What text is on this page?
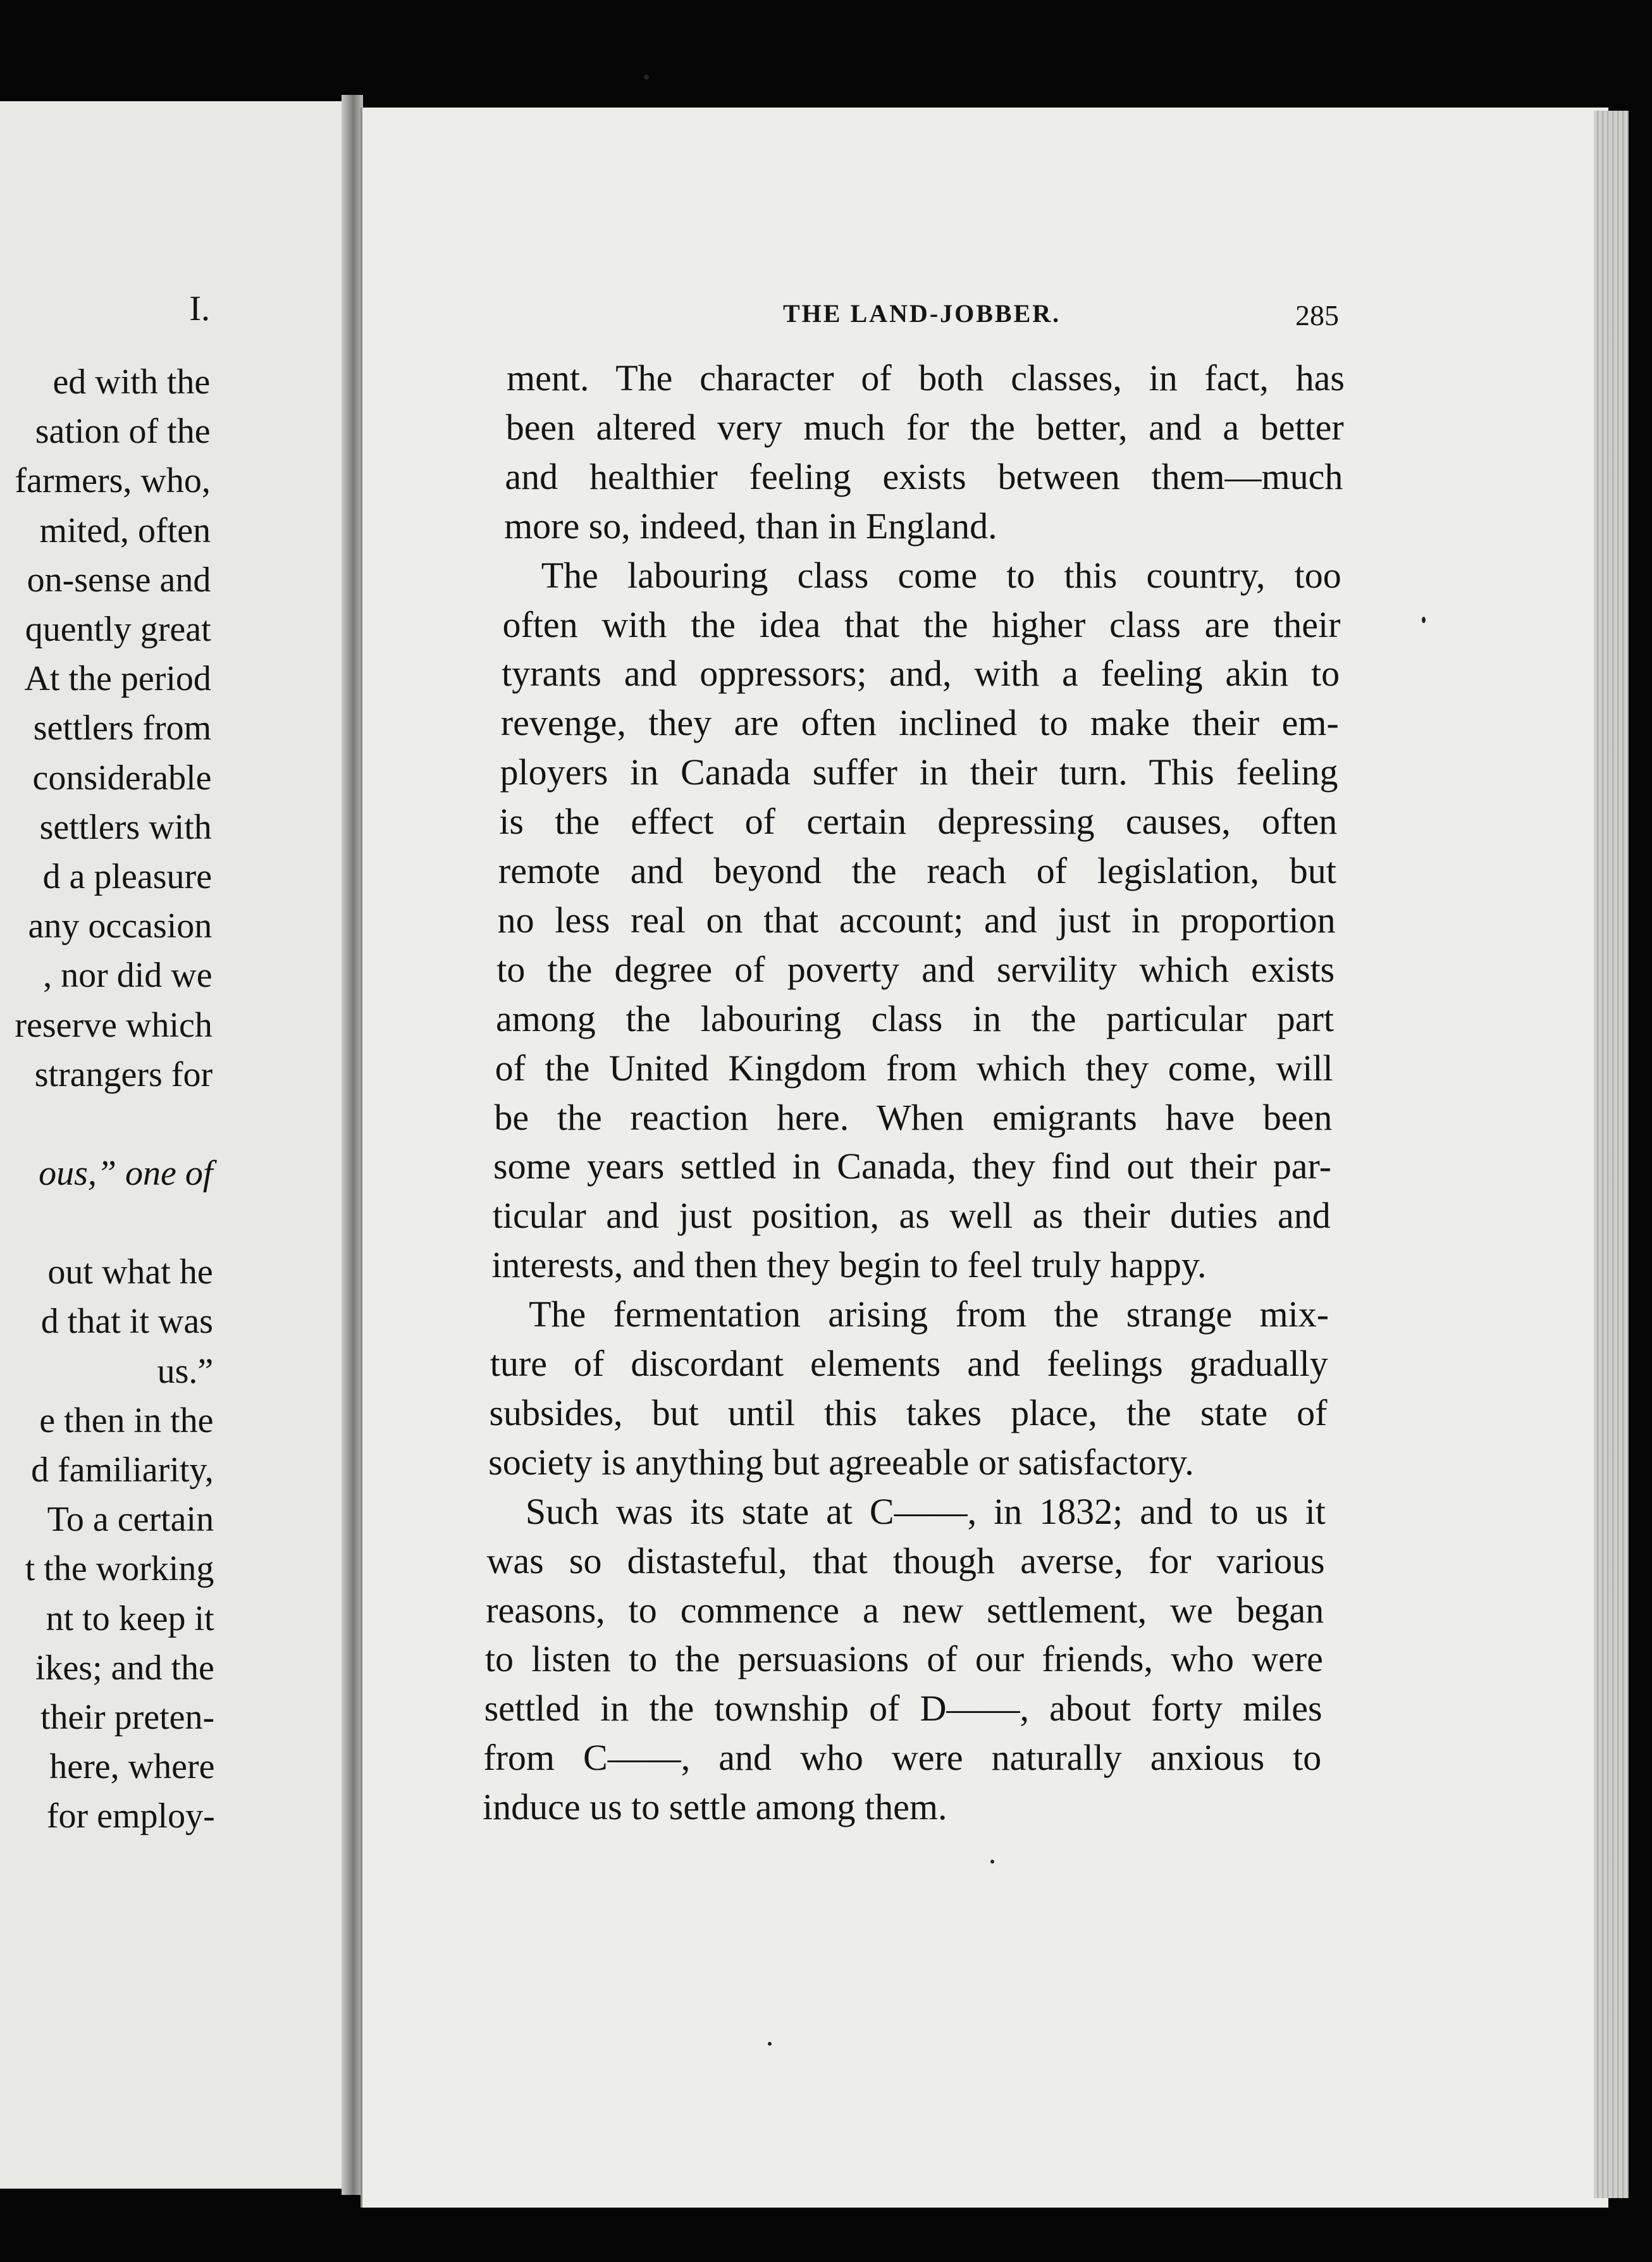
I.
ed with the
sation of the
farmers, who,
mited, often
on-sense and
quently great
At the period
settlers from
considerable
settlers with
d a pleasure
any occasion
, nor did we
reserve which
strangers for
ous,” one of
out what he
d that it was
us.”
e then in the
d familiarity,
To a certain
t the working
nt to keep it
ikes; and the
their preten-
here, where
for employ-
THE LAND-JOBBER.	285
ment. The character of both classes, in fact, has
been altered very much for the better, and a better
and healthier feeling exists between them—much
more so, indeed, than in England.
The labouring class come to this country, too
often with the idea that the higher class are their
tyrants and oppressors; and, with a feeling akin to
revenge, they are often inclined to make their em-
ployers in Canada suffer in their turn. This feeling
is the effect of certain depressing causes, often
remote and beyond the reach of legislation, but
no less real on that account; and just in proportion
to the degree of poverty and servility which exists
among the labouring class in the particular part
of the United Kingdom from which they come, will
be the reaction here. When emigrants have been
some years settled in Canada, they find out their par-
ticular and just position, as well as their duties and
interests, and then they begin to feel truly happy.
The fermentation arising from the strange mix-
ture of discordant elements and feelings gradually
subsides, but until this takes place, the state of
society is anything but agreeable or satisfactory.
Such was its state at C——, in 1832; and to us it
was so distasteful, that though averse, for various
reasons, to commence a new settlement, we began
to listen to the persuasions of our friends, who were
settled in the township of D——, about forty miles
from C——, and who were naturally anxious to
induce us to settle among them.
